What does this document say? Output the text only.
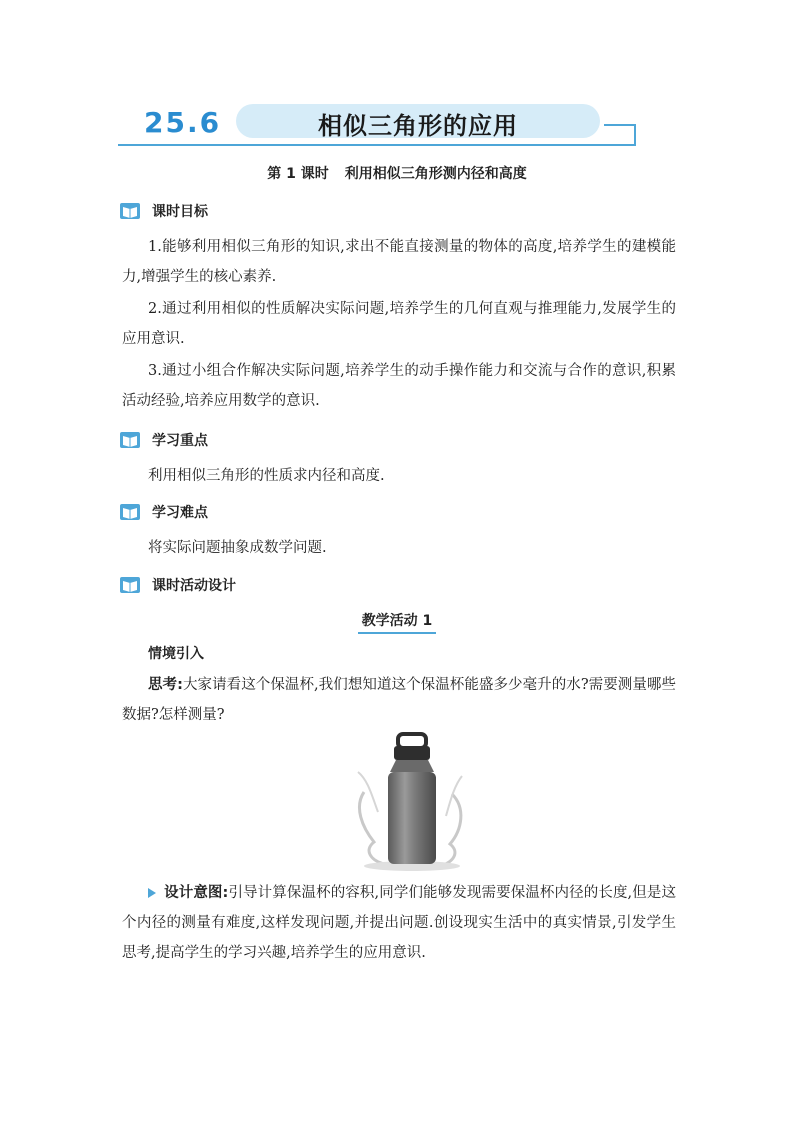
25.6	相似三角形的应用
第 1 课时 利用相似三角形测内径和高度
课时目标
1.能够利用相似三角形的知识,求出不能直接测量的物体的高度,培养学生的建模能力,增强学生的核心素养.
2.通过利用相似的性质解决实际问题,培养学生的几何直观与推理能力,发展学生的应用意识.
3.通过小组合作解决实际问题,培养学生的动手操作能力和交流与合作的意识,积累活动经验,培养应用数学的意识.
学习重点
利用相似三角形的性质求内径和高度.
学习难点
将实际问题抽象成数学问题.
课时活动设计
教学活动 1
情境引入
思考:大家请看这个保温杯,我们想知道这个保温杯能盛多少毫升的水?需要测量哪些数据?怎样测量?
设计意图:引导计算保温杯的容积,同学们能够发现需要保温杯内径的长度,但是这个内径的测量有难度,这样发现问题,并提出问题.创设现实生活中的真实情景,引发学生思考,提高学生的学习兴趣,培养学生的应用意识.
